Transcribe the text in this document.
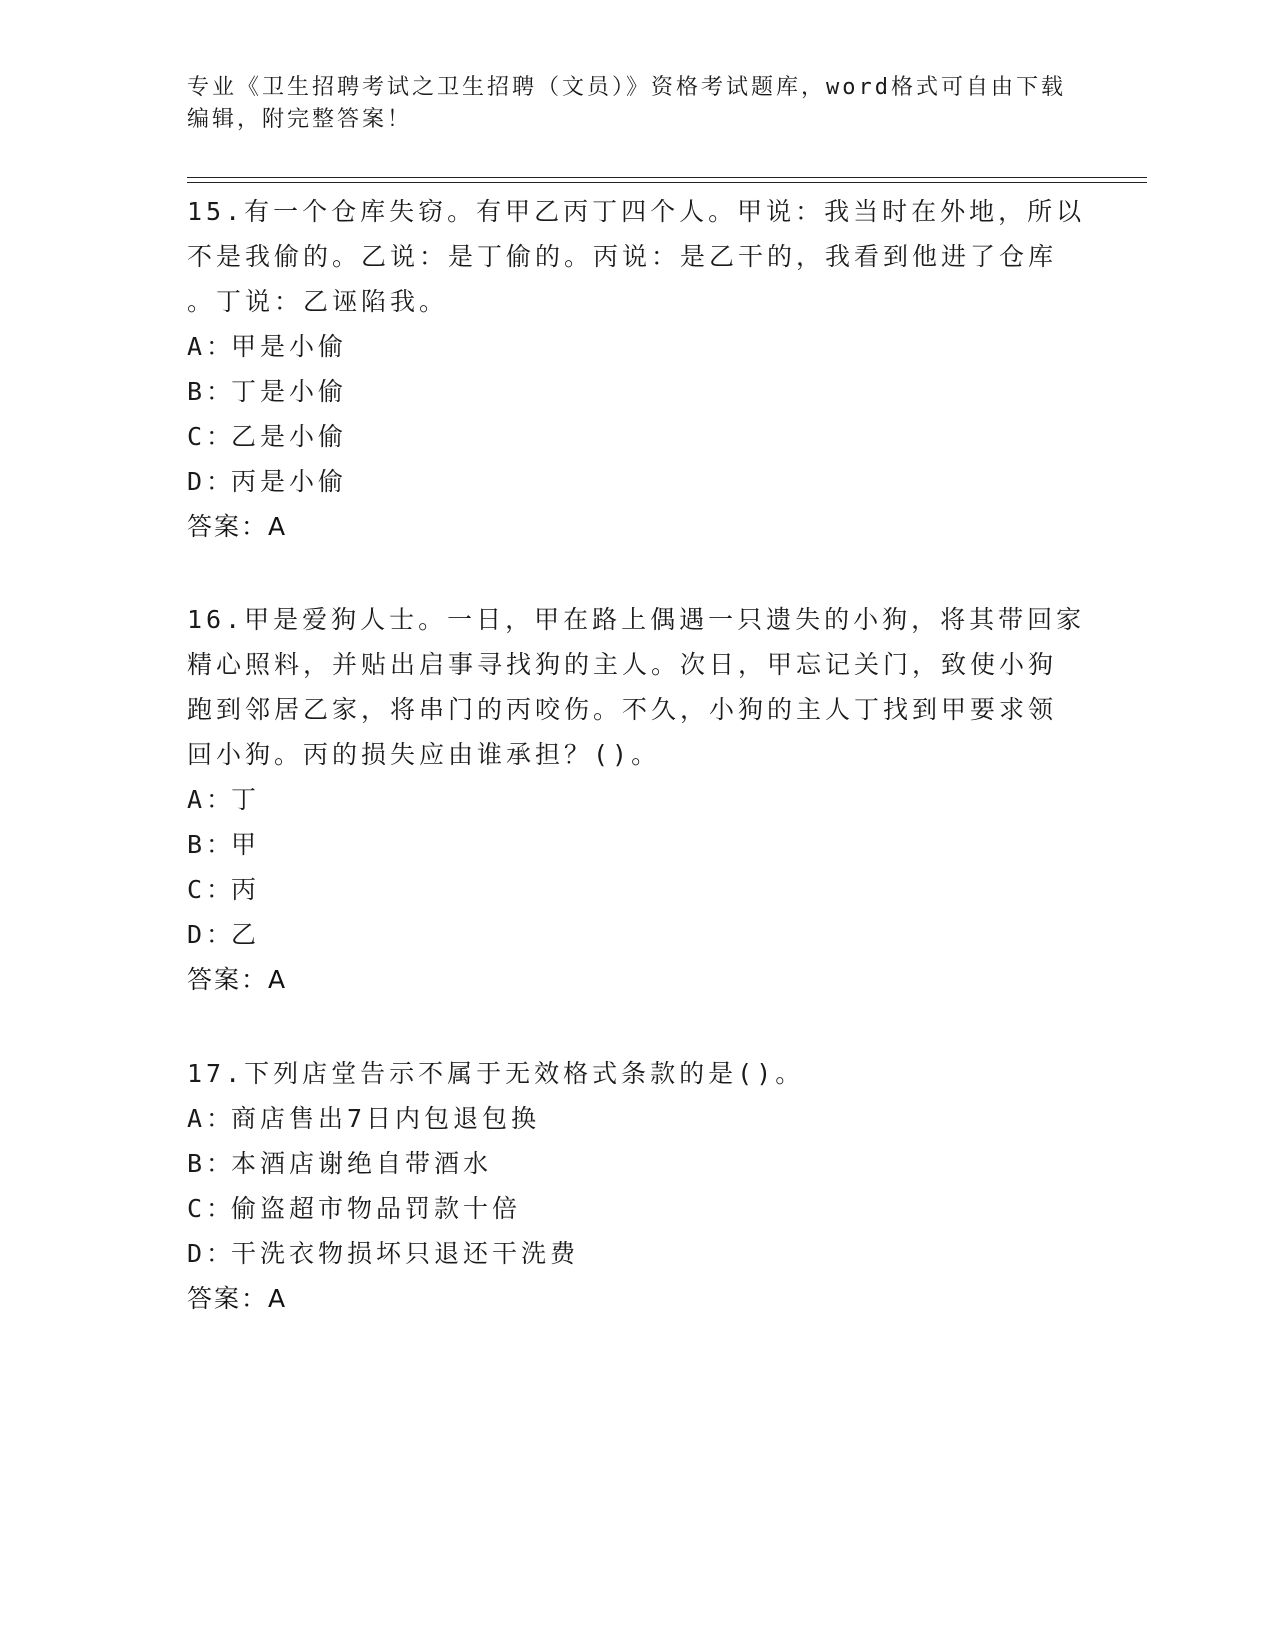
专业《卫生招聘考试之卫生招聘（文员）》资格考试题库，word格式可自由下载
编辑，附完整答案！

15.有一个仓库失窃。有甲乙丙丁四个人。甲说：我当时在外地，所以

不是我偷的。乙说：是丁偷的。丙说：是乙干的，我看到他进了仓库

。丁说：乙诬陷我。

A：
甲是小偷

B：
丁是小偷

C：
乙是小偷

D：
丙是小偷

答案：A

16.甲是爱狗人士。一日，甲在路上偶遇一只遗失的小狗，将其带回家

精心照料，并贴出启事寻找狗的主人。次日，甲忘记关门，致使小狗

跑到邻居乙家，将串门的丙咬伤。不久，小狗的主人丁找到甲要求领

回小狗。丙的损失应由谁承担？()。

A：
丁

B：
甲

C：
丙

D：
乙

答案：A

17.下列店堂告示不属于无效格式条款的是()。

A：
商店售出7日内包退包换

B：
本酒店谢绝自带酒水

C：
偷盗超市物品罚款十倍

D：
干洗衣物损坏只退还干洗费

答案：A
